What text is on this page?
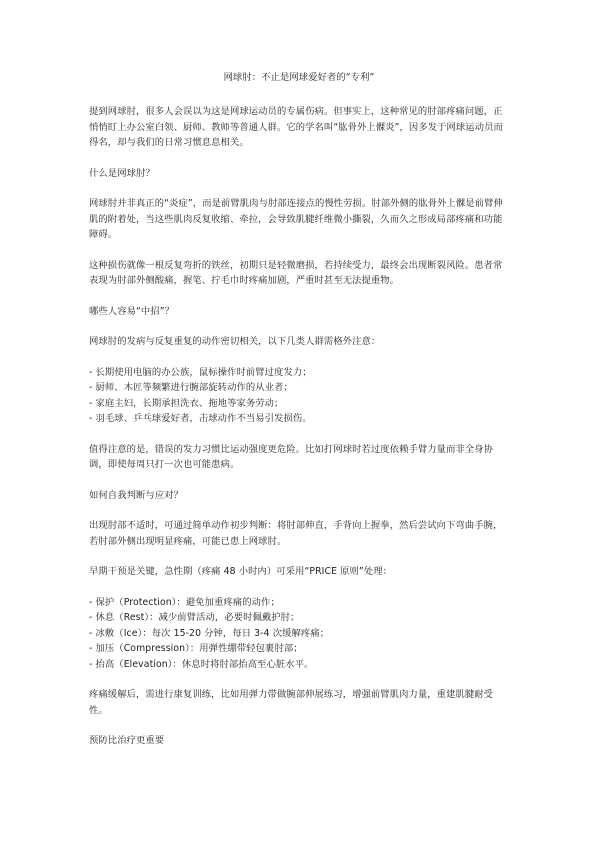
网球肘：不止是网球爱好者的“专利”

提到网球肘，很多人会误以为这是网球运动员的专属伤病。但事实上，这种常见的肘部疼痛问题，正悄悄盯上办公室白领、厨师、教师等普通人群。它的学名叫“肱骨外上髁炎”，因多发于网球运动员而得名，却与我们的日常习惯息息相关。

什么是网球肘？

网球肘并非真正的“炎症”，而是前臂肌肉与肘部连接点的慢性劳损。肘部外侧的肱骨外上髁是前臂伸肌的附着处，当这些肌肉反复收缩、牵拉，会导致肌腱纤维微小撕裂，久而久之形成局部疼痛和功能障碍。

这种损伤就像一根反复弯折的铁丝，初期只是轻微磨损，若持续受力，最终会出现断裂风险。患者常表现为肘部外侧酸痛，握笔、拧毛巾时疼痛加剧，严重时甚至无法提重物。

哪些人容易“中招”？

网球肘的发病与反复重复的动作密切相关，以下几类人群需格外注意：

- 长期使用电脑的办公族，鼠标操作时前臂过度发力；
- 厨师、木匠等频繁进行腕部旋转动作的从业者；
- 家庭主妇，长期承担洗衣、拖地等家务劳动；
- 羽毛球、乒乓球爱好者，击球动作不当易引发损伤。

值得注意的是，错误的发力习惯比运动强度更危险。比如打网球时若过度依赖手臂力量而非全身协调，即使每周只打一次也可能患病。

如何自我判断与应对？

出现肘部不适时，可通过简单动作初步判断：将肘部伸直，手背向上握拳，然后尝试向下弯曲手腕，若肘部外侧出现明显疼痛，可能已患上网球肘。

早期干预是关键，急性期（疼痛 48 小时内）可采用“PRICE 原则”处理：

- 保护（Protection）：避免加重疼痛的动作；
- 休息（Rest）：减少前臂活动，必要时佩戴护肘；
- 冰敷（Ice）：每次 15-20 分钟，每日 3-4 次缓解疼痛；
- 加压（Compression）：用弹性绷带轻包裹肘部；
- 抬高（Elevation）：休息时将肘部抬高至心脏水平。

疼痛缓解后，需进行康复训练，比如用弹力带做腕部伸展练习，增强前臂肌肉力量，重建肌腱耐受性。

预防比治疗更重要
